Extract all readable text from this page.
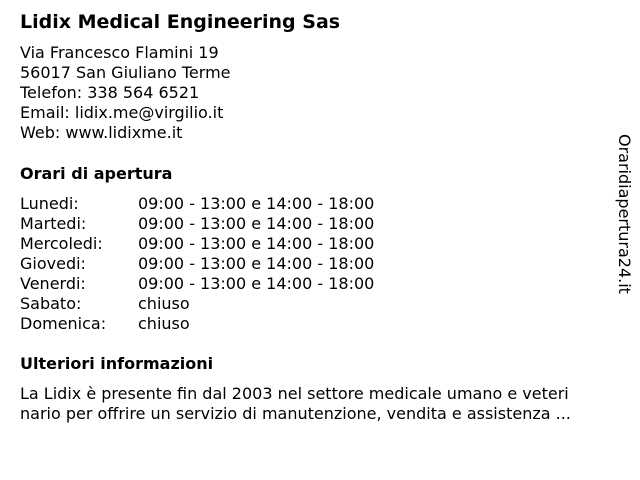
Lidix Medical Engineering Sas
Via Francesco Flamini 19
56017 San Giuliano Terme
Telefon: 338 564 6521
Email: lidix.me@virgilio.it
Web: www.lidixme.it
Orari di apertura
Lunedi:	09:00 - 13:00 e 14:00 - 18:00
Martedi:	09:00 - 13:00 e 14:00 - 18:00
Mercoledi: 09:00 - 13:00 e 14:00 - 18:00
Giovedi:	09:00 - 13:00 e 14:00 - 18:00
Venerdi:	09:00 - 13:00 e 14:00 - 18:00
Sabato:	chiuso
Domenica: chiuso
Ulteriori informazioni
La Lidix è presente fin dal 2003 nel settore medicale umano e veteri
nario per offrire un servizio di manutenzione, vendita e assistenza ...
Oraridiapertura24.it
